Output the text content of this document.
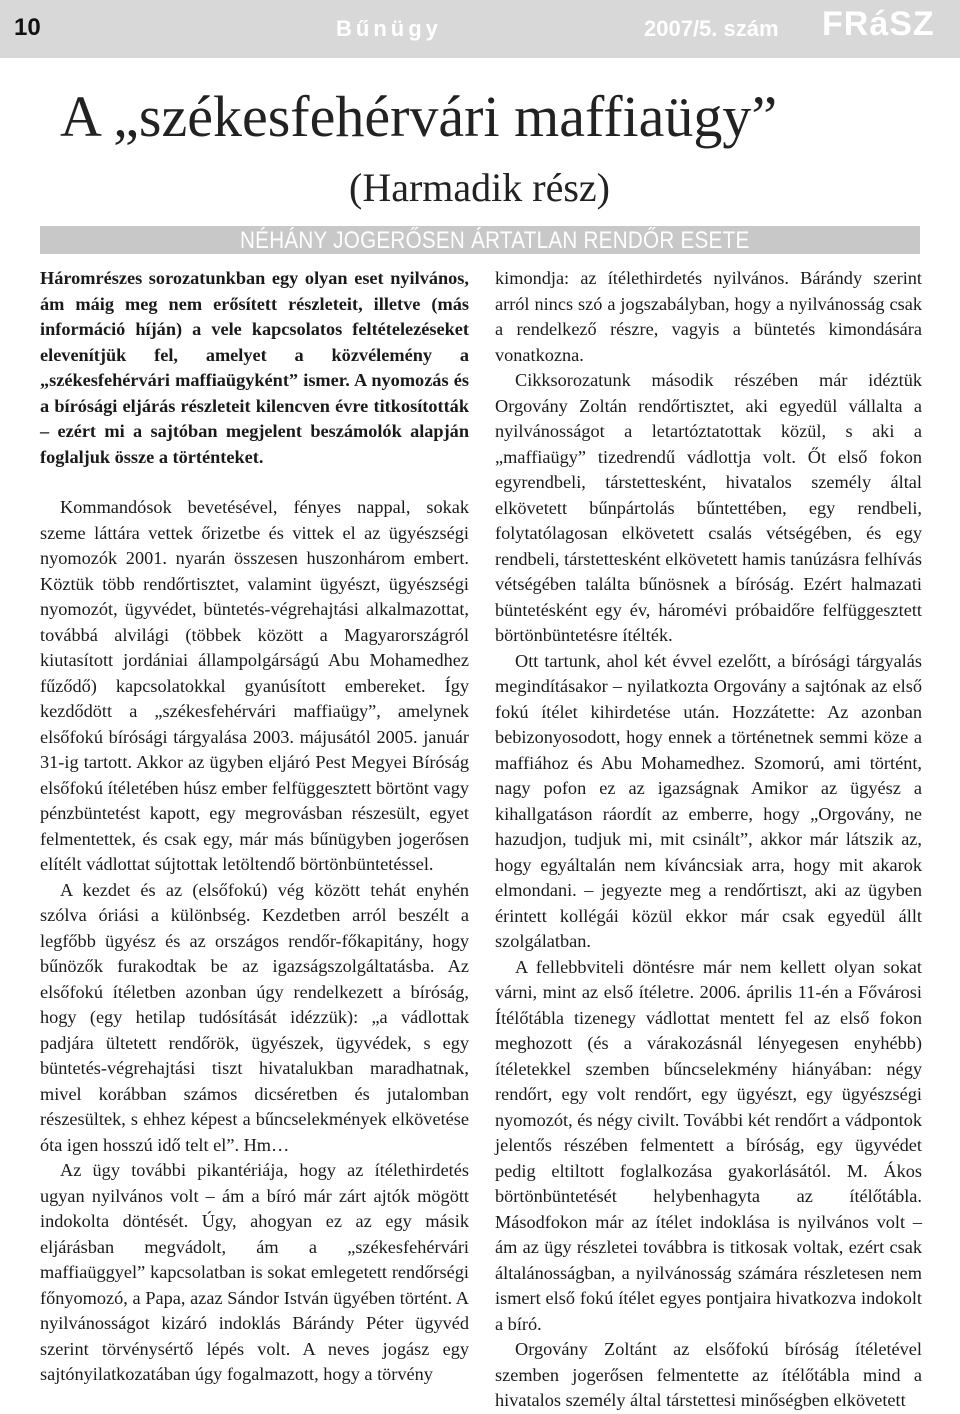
10	Bűnügy	2007/5. szám FRáSZ
A „székesfehérvári maffiaügy”
(Harmadik rész)
NÉHÁNY JOGERŐSEN ÁRTATLAN RENDŐR ESETE

Háromrészes sorozatunkban egy olyan eset nyilvános, ám máig meg nem erősített részleteit, illetve (más információ híján) a vele kapcsolatos feltételezéseket elevenítjük fel, amelyet a közvélemény a „székesfehérvári maffiaügyként” ismer. A nyomozás és a bírósági eljárás részleteit kilencven évre titkosították – ezért mi a sajtóban megjelent beszámolók alapján foglaljuk össze a történteket.

Kommandósok bevetésével, fényes nappal, sokak szeme láttára vettek őrizetbe és vittek el az ügyészségi nyomozók 2001. nyarán összesen huszonhárom embert. Köztük több rendőrtisztet, valamint ügyészt, ügyészségi nyomozót, ügyvédet, büntetés-végrehajtási alkalmazottat, továbbá alvilági (többek között a Magyarországról kiutasított jordániai állampolgárságú Abu Mohamedhez fűződő) kapcsolatokkal gyanúsított embereket. Így kezdődött a „székesfehérvári maffiaügy”, amelynek elsőfokú bírósági tárgyalása 2003. májusától 2005. január 31-ig tartott. Akkor az ügyben eljáró Pest Megyei Bíróság elsőfokú ítéletében húsz ember felfüggesztett börtönt vagy pénzbüntetést kapott, egy megrovásban részesült, egyet felmentettek, és csak egy, már más bűnügyben jogerősen elítélt vádlottat sújtottak letöltendő börtönbüntetéssel.

A kezdet és az (elsőfokú) vég között tehát enyhén szólva óriási a különbség. Kezdetben arról beszélt a legfőbb ügyész és az országos rendőr-főkapitány, hogy bűnözők furakodtak be az igazságszolgáltatásba. Az elsőfokú ítéletben azonban úgy rendelkezett a bíróság, hogy (egy hetilap tudósítását idézzük): „a vádlottak padjára ültetett rendőrök, ügyészek, ügyvédek, s egy büntetés-végrehajtási tiszt hivatalukban maradhatnak, mivel korábban számos dicséretben és jutalomban részesültek, s ehhez képest a bűncselekmények elkövetése óta igen hosszú idő telt el”. Hm…

Az ügy további pikantériája, hogy az ítélethirdetés ugyan nyilvános volt – ám a bíró már zárt ajtók mögött indokolta döntését. Úgy, ahogyan ez az egy másik eljárásban megvádolt, ám a „székesfehérvári maffiaüggyel” kapcsolatban is sokat emlegetett rendőrségi főnyomozó, a Papa, azaz Sándor István ügyében történt. A nyilvánosságot kizáró indoklás Bárándy Péter ügyvéd szerint törvénysértő lépés volt. A neves jogász egy sajtónyilatkozatában úgy fogalmazott, hogy a törvény

kimondja: az ítélethirdetés nyilvános. Bárándy szerint arról nincs szó a jogszabályban, hogy a nyilvánosság csak a rendelkező részre, vagyis a büntetés kimondására vonatkozna.

Cikksorozatunk második részében már idéztük Orgovány Zoltán rendőrtisztet, aki egyedül vállalta a nyilvánosságot a letartóztatottak közül, s aki a „maffiaügy” tizedrendű vádlottja volt. Őt első fokon egyrendbeli, társtettesként, hivatalos személy által elkövetett bűnpártolás bűntettében, egy rendbeli, folytatólagosan elkövetett csalás vétségében, és egy rendbeli, társtettesként elkövetett hamis tanúzásra felhívás vétségében találta bűnösnek a bíróság. Ezért halmazati büntetésként egy év, háromévi próbaidőre felfüggesztett börtönbüntetésre ítélték.

Ott tartunk, ahol két évvel ezelőtt, a bírósági tárgyalás megindításakor – nyilatkozta Orgovány a sajtónak az első fokú ítélet kihirdetése után. Hozzátette: Az azonban bebizonyosodott, hogy ennek a történetnek semmi köze a maffiához és Abu Mohamedhez. Szomorú, ami történt, nagy pofon ez az igazságnak Amikor az ügyész a kihallgatáson ráordít az emberre, hogy „Orgovány, ne hazudjon, tudjuk mi, mit csinált”, akkor már látszik az, hogy egyáltalán nem kíváncsiak arra, hogy mit akarok elmondani. – jegyezte meg a rendőrtiszt, aki az ügyben érintett kollégái közül ekkor már csak egyedül állt szolgálatban.

A fellebbviteli döntésre már nem kellett olyan sokat várni, mint az első ítéletre. 2006. április 11-én a Fővárosi Ítélőtábla tizenegy vádlottat mentett fel az első fokon meghozott (és a várakozásnál lényegesen enyhébb) ítéletekkel szemben bűncselekmény hiányában: négy rendőrt, egy volt rendőrt, egy ügyészt, egy ügyészségi nyomozót, és négy civilt. További két rendőrt a vádpontok jelentős részében felmentett a bíróság, egy ügyvédet pedig eltiltott foglalkozása gyakorlásától. M. Ákos börtönbüntetését helybenhagyta az ítélőtábla. Másodfokon már az ítélet indoklása is nyilvános volt – ám az ügy részletei továbbra is titkosak voltak, ezért csak általánosságban, a nyilvánosság számára részletesen nem ismert első fokú ítélet egyes pontjaira hivatkozva indokolt a bíró.

Orgovány Zoltánt az elsőfokú bíróság ítéletével szemben jogerősen felmentette az ítélőtábla mind a hivatalos személy által társtettesi minőségben elkövetett
